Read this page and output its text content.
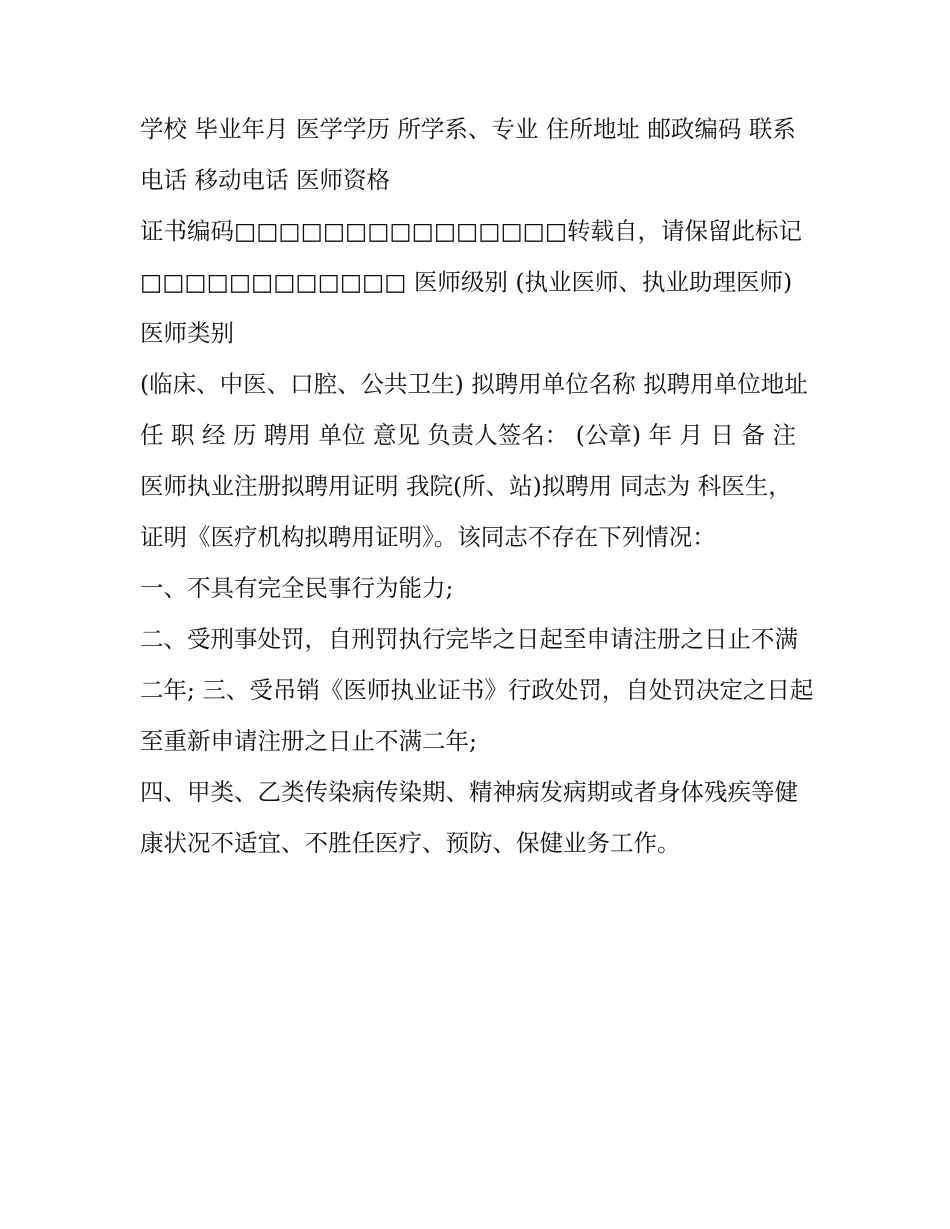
学校 毕业年月 医学学历 所学系、专业 住所地址 邮政编码 联系电话 移动电话 医师资格

证书编码□□□□□□□□□□□□□□□转载自，请保留此标记□□□□□□□□□□□□ 医师级别 (执业医师、执业助理医师) 医师类别

(临床、中医、口腔、公共卫生) 拟聘用单位名称 拟聘用单位地址 任 职 经 历 聘用 单位 意见 负责人签名： (公章) 年 月 日 备 注

医师执业注册拟聘用证明 我院(所、站)拟聘用 同志为 科医生，证明《医疗机构拟聘用证明》。该同志不存在下列情况：

一、不具有完全民事行为能力;

二、受刑事处罚，自刑罚执行完毕之日起至申请注册之日止不满二年; 三、受吊销《医师执业证书》行政处罚，自处罚决定之日起至重新申请注册之日止不满二年;

四、甲类、乙类传染病传染期、精神病发病期或者身体残疾等健康状况不适宜、不胜任医疗、预防、保健业务工作。
